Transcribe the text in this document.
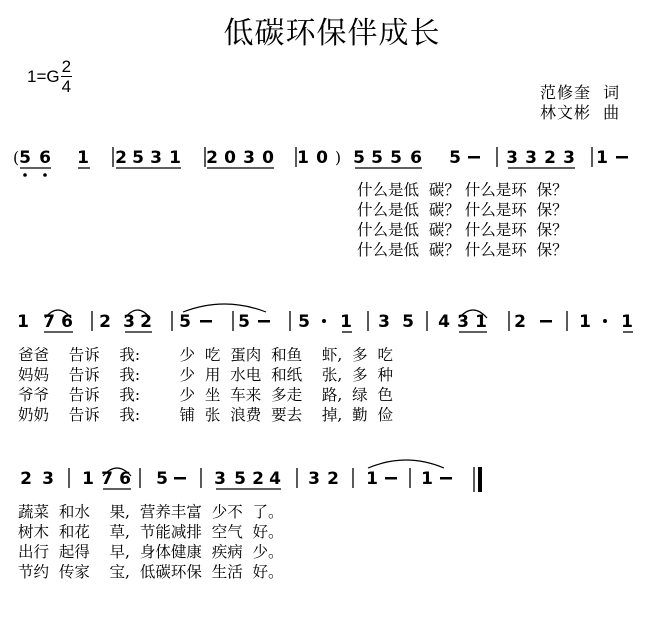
低碳环保伴成长
$1=G \frac{2}{4}$	范修奎  词
林文彬  曲
( 5 6 1 2 5 3 1 2 0 3 0 1 0 ) 5 5 5 6 5	3 3 2 3 1
什么是低  碳？ 什么是环  保？
什么是低  碳？ 什么是环  保？
什么是低  碳？ 什么是环  保？
什么是低  碳？ 什么是环  保？
1 7 6 2 3 2 5	5	5 1 3 5 4 3 1 2	1 1
爸爸    告诉    我:        少  吃  蛋肉  和鱼    虾,  多  吃
妈妈    告诉    我:        少  用  水电  和纸    张,  多  种
爷爷    告诉    我:        少  坐  车来  多走    路,  绿  色
奶奶    告诉    我:        铺  张  浪费  要去    掉,  勤  俭
2 3 1 7 6 5	3 5 2 4 3 2 1	1
蔬菜  和水    果,  营养丰富  少不  了。
树木  和花    草,  节能减排  空气  好。
出行  起得    早,  身体健康  疾病  少。
节约  传家    宝,  低碳环保  生活  好。
